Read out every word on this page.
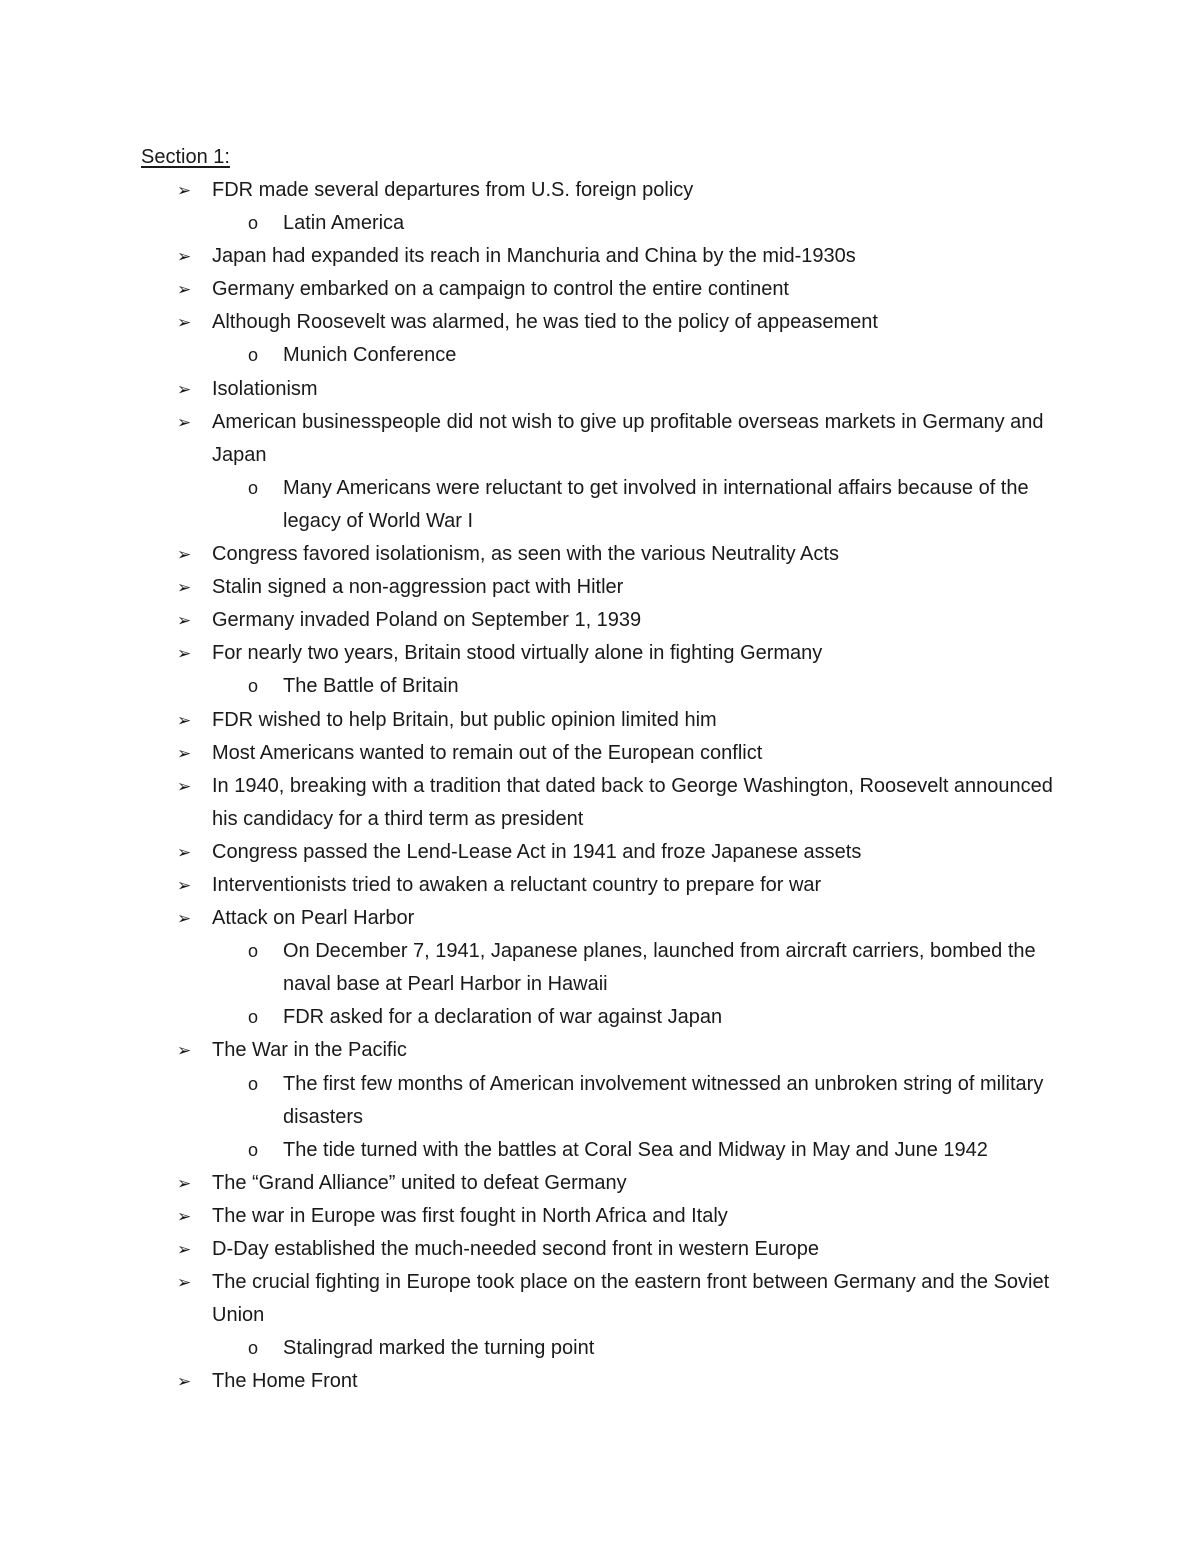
Section 1:
➢ FDR made several departures from U.S. foreign policy
o Latin America
➢ Japan had expanded its reach in Manchuria and China by the mid-1930s
➢ Germany embarked on a campaign to control the entire continent
➢ Although Roosevelt was alarmed, he was tied to the policy of appeasement
o Munich Conference
➢ Isolationism
➢ American businesspeople did not wish to give up profitable overseas markets in Germany and Japan
o Many Americans were reluctant to get involved in international affairs because of the legacy of World War I
➢ Congress favored isolationism, as seen with the various Neutrality Acts
➢ Stalin signed a non-aggression pact with Hitler
➢ Germany invaded Poland on September 1, 1939
➢ For nearly two years, Britain stood virtually alone in fighting Germany
o The Battle of Britain
➢ FDR wished to help Britain, but public opinion limited him
➢ Most Americans wanted to remain out of the European conflict
➢ In 1940, breaking with a tradition that dated back to George Washington, Roosevelt announced his candidacy for a third term as president
➢ Congress passed the Lend-Lease Act in 1941 and froze Japanese assets
➢ Interventionists tried to awaken a reluctant country to prepare for war
➢ Attack on Pearl Harbor
o On December 7, 1941, Japanese planes, launched from aircraft carriers, bombed the naval base at Pearl Harbor in Hawaii
o FDR asked for a declaration of war against Japan
➢ The War in the Pacific
o The first few months of American involvement witnessed an unbroken string of military disasters
o The tide turned with the battles at Coral Sea and Midway in May and June 1942
➢ The “Grand Alliance” united to defeat Germany
➢ The war in Europe was first fought in North Africa and Italy
➢ D-Day established the much-needed second front in western Europe
➢ The crucial fighting in Europe took place on the eastern front between Germany and the Soviet Union
o Stalingrad marked the turning point
➢ The Home Front
